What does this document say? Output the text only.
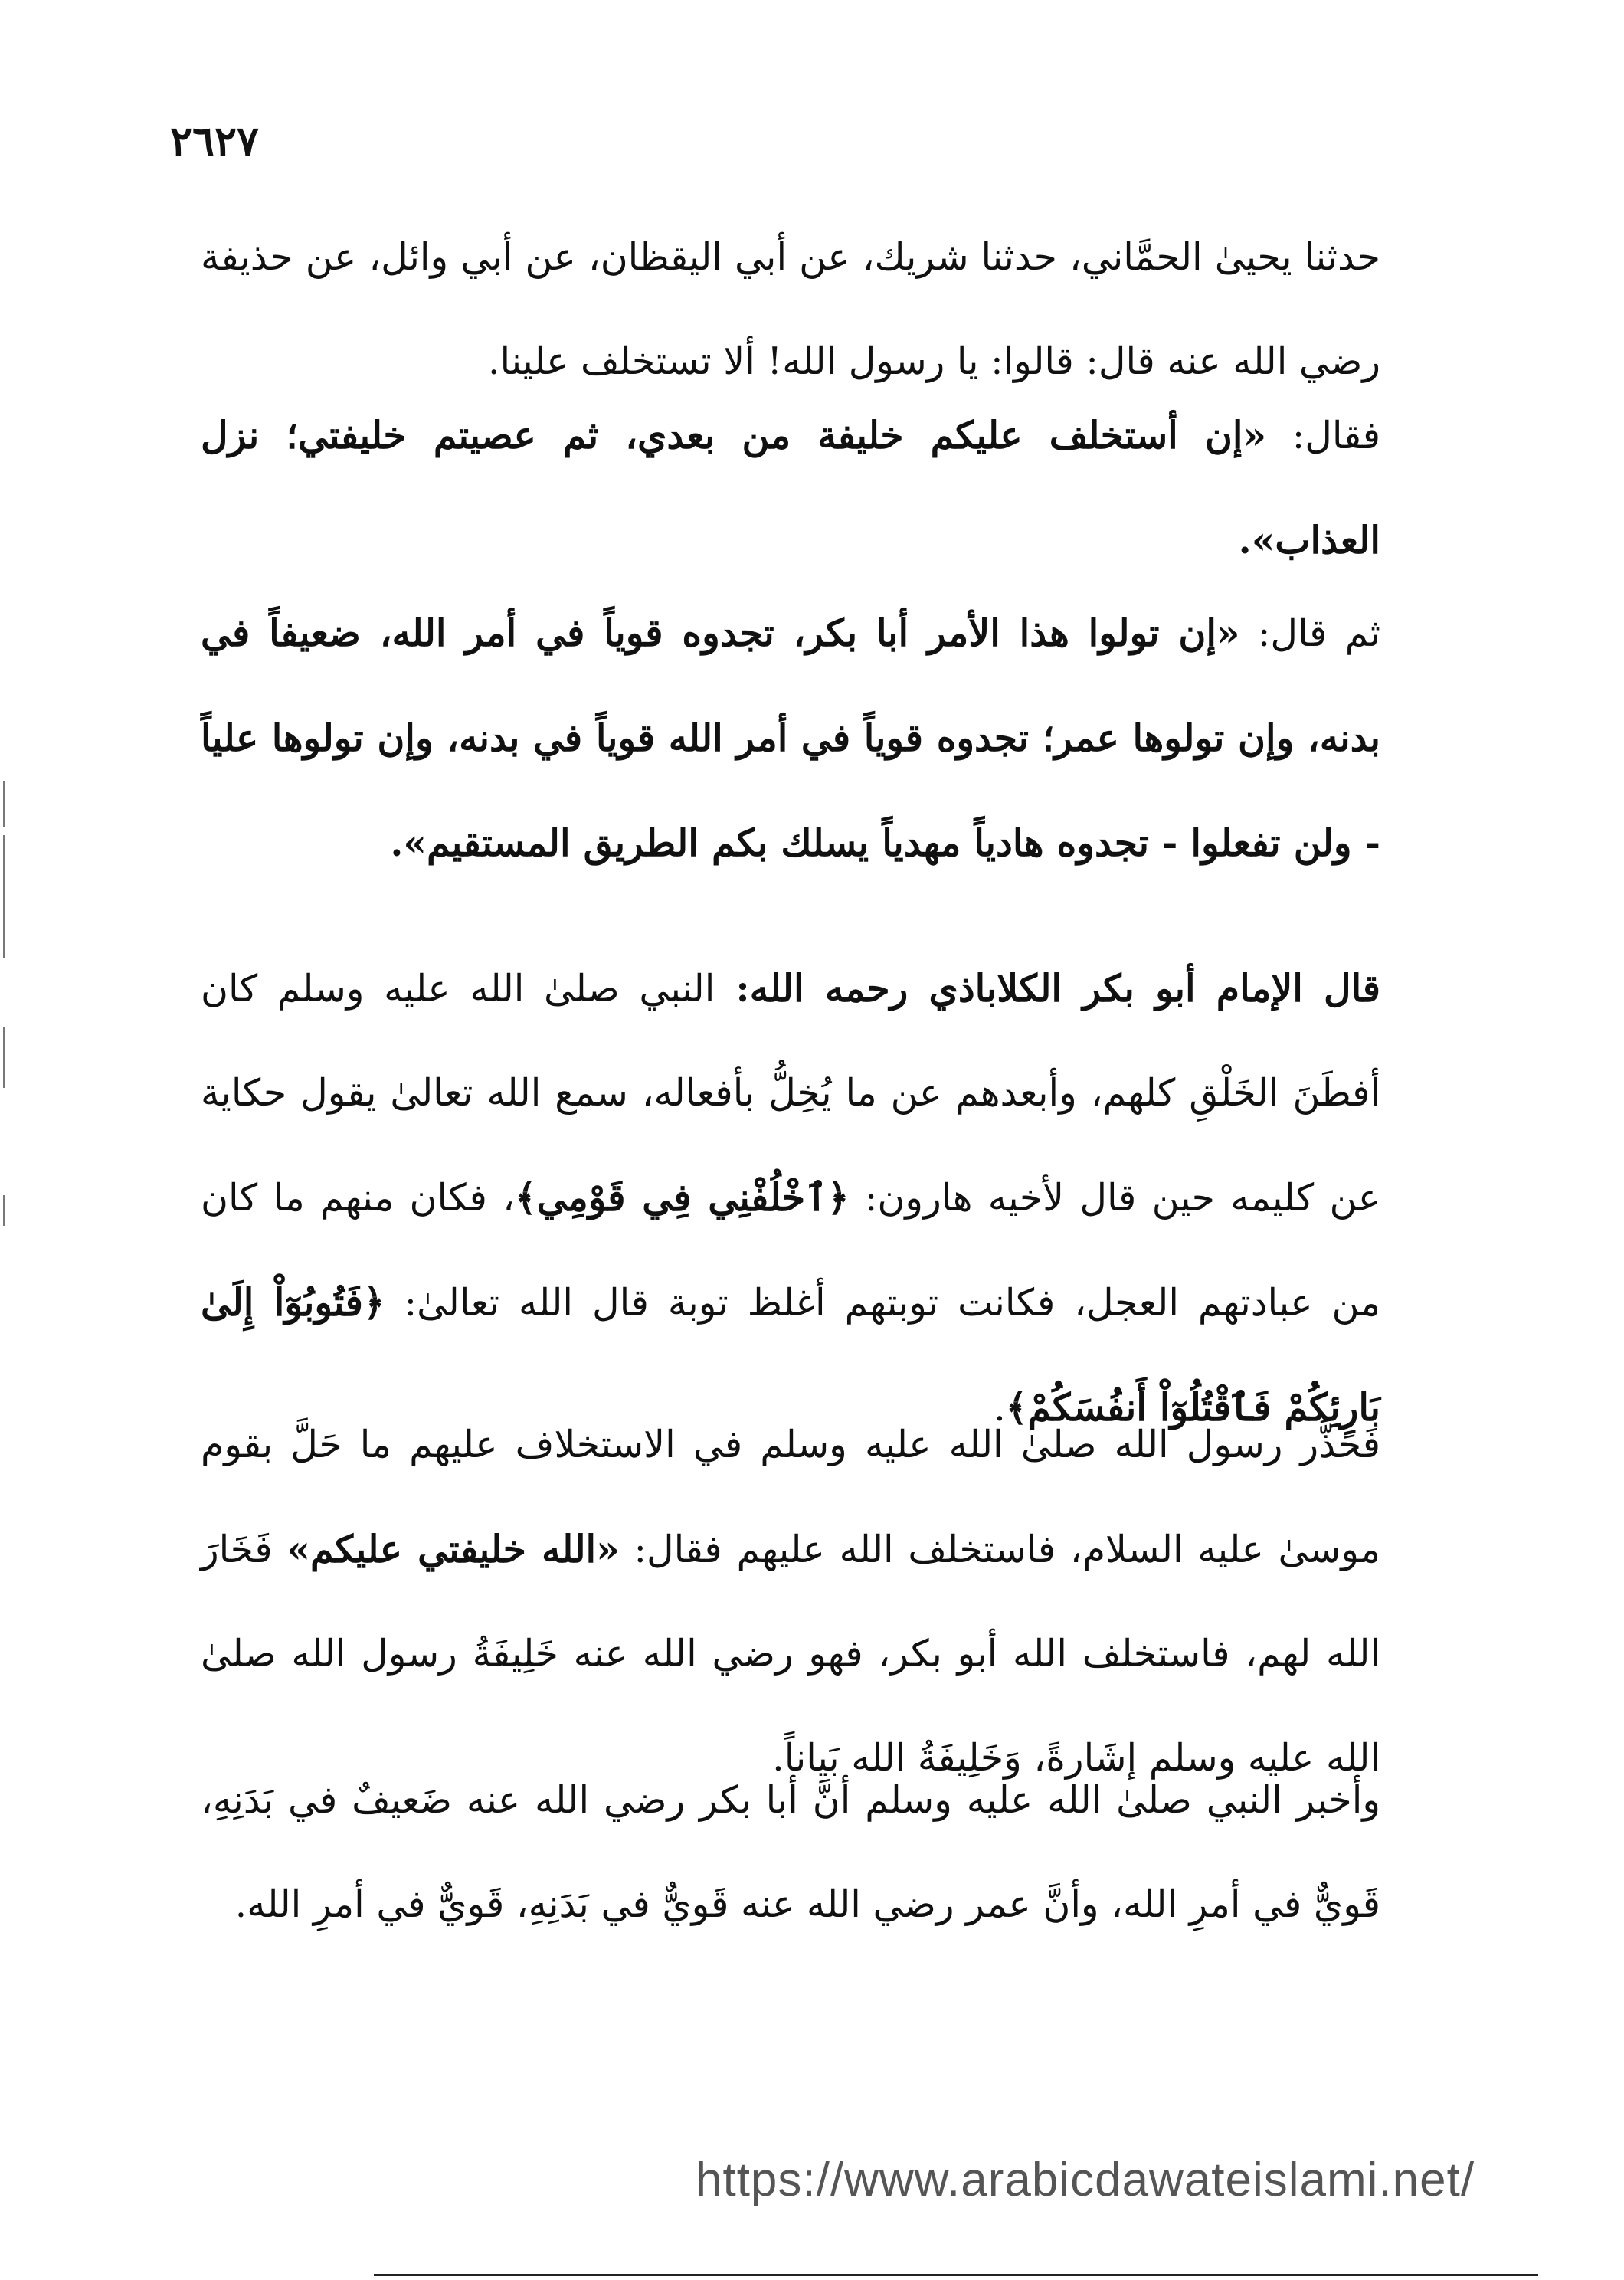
٢٦٢٧

حدثنا يحيىٰ الحمَّاني، حدثنا شريك، عن أبي اليقظان، عن أبي وائل، عن حذيفة رضي الله عنه قال: قالوا: يا رسول الله! ألا تستخلف علينا.

فقال: «إن أستخلف عليكم خليفة من بعدي، ثم عصيتم خليفتي؛ نزل العذاب».

ثم قال: «إن تولوا هذا الأمر أبا بكر، تجدوه قوياً في أمر الله، ضعيفاً في بدنه، وإن تولوها عمر؛ تجدوه قوياً في أمر الله قوياً في بدنه، وإن تولوها علياً - ولن تفعلوا - تجدوه هادياً مهدياً يسلك بكم الطريق المستقيم».

قال الإمام أبو بكر الكلاباذي رحمه الله: النبي صلىٰ الله عليه وسلم كان أفطَنَ الخَلْقِ كلهم، وأبعدهم عن ما يُخِلُّ بأفعاله، سمع الله تعالىٰ يقول حكاية عن كليمه حين قال لأخيه هارون: ﴿ٱخْلُفْنِي فِي قَوْمِي﴾، فكان منهم ما كان من عبادتهم العجل، فكانت توبتهم أغلظ توبة قال الله تعالىٰ: ﴿فَتُوبُوٓاْ إِلَىٰ بَارِئِكُمْ فَٱقْتُلُوٓاْ أَنفُسَكُمْ﴾.

فَحَذَّر رسول الله صلىٰ الله عليه وسلم في الاستخلاف عليهم ما حَلَّ بقوم موسىٰ عليه السلام، فاستخلف الله عليهم فقال: «الله خليفتي عليكم» فَخَارَ الله لهم، فاستخلف الله أبو بكر، فهو رضي الله عنه خَلِيفَةُ رسول الله صلىٰ الله عليه وسلم إشَارةً، وَخَلِيفَةُ الله بَياناً.

وأخبر النبي صلىٰ الله عليه وسلم أنَّ أبا بكر رضي الله عنه ضَعيفٌ في بَدَنِهِ، قَويٌّ في أمرِ الله، وأنَّ عمر رضي الله عنه قَويٌّ في بَدَنِهِ، قَويٌّ في أمرِ الله.

https://www.arabicdawateislami.net/
